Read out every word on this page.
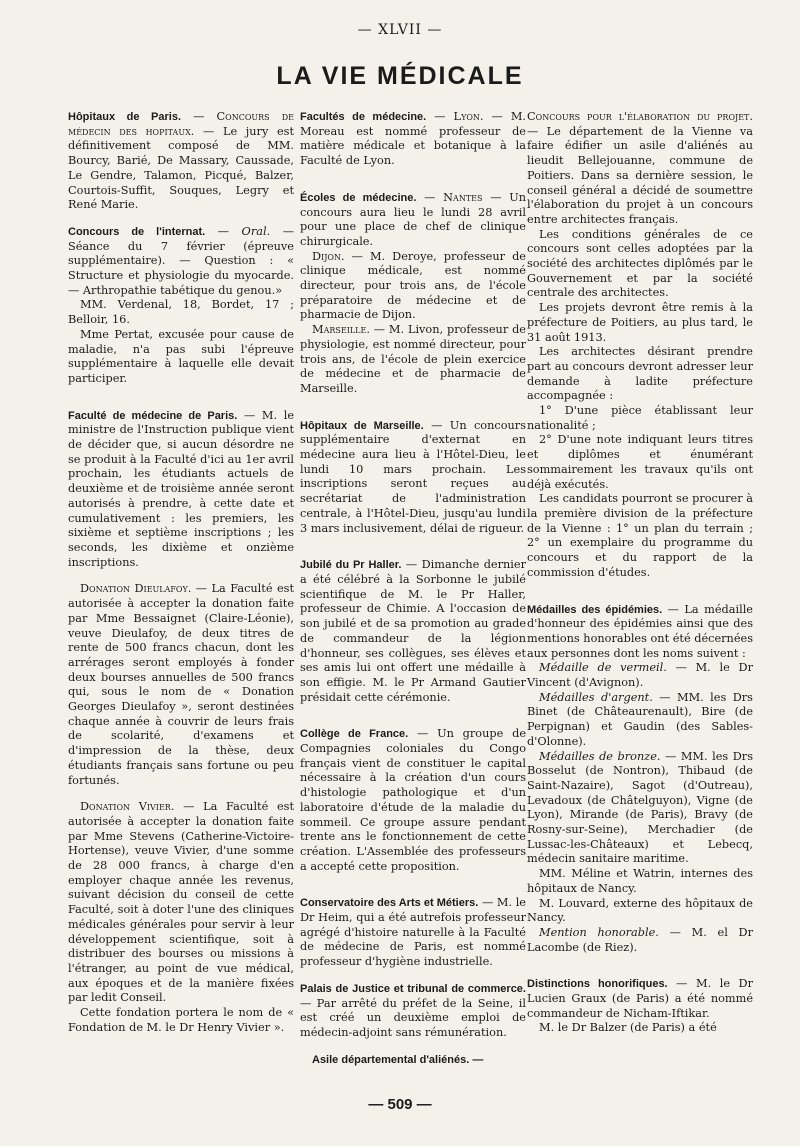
— XLVII —
LA VIE MÉDICALE

Hôpitaux de Paris. — Concours de médecin des hopitaux. — Le jury est définitivement composé de MM. Bourcy, Barié, De Massary, Caussade, Le Gendre, Talamon, Picqué, Balzer, Courtois-Suffit, Souques, Legry et René Marie.

Concours de l'internat. — Oral. — Séance du 7 février (épreuve supplémentaire). — Question : « Structure et physiologie du myocarde. — Arthropathie tabétique du genou.»

MM. Verdenal, 18, Bordet, 17 ; Belloir, 16.

Mme Pertat, excusée pour cause de maladie, n'a pas subi l'épreuve supplémentaire à laquelle elle devait participer.

Faculté de médecine de Paris. — M. le ministre de l'Instruction publique vient de décider que, si aucun désordre ne se produit à la Faculté d'ici au 1er avril prochain, les étudiants actuels de deuxième et de troisième année seront autorisés à prendre, à cette date et cumulativement : les premiers, les sixième et septième inscriptions ; les seconds, les dixième et onzième inscriptions.

Donation Dieulafoy. — La Faculté est autorisée à accepter la donation faite par Mme Bessaignet (Claire-Léonie), veuve Dieulafoy, de deux titres de rente de 500 francs chacun, dont les arrérages seront employés à fonder deux bourses annuelles de 500 francs qui, sous le nom de « Donation Georges Dieulafoy », seront destinées chaque année à couvrir de leurs frais de scolarité, d'examens et d'impression de la thèse, deux étudiants français sans fortune ou peu fortunés.

Donation Vivier. — La Faculté est autorisée à accepter la donation faite par Mme Stevens (Catherine-Victoire-Hortense), veuve Vivier, d'une somme de 28 000 francs, à charge d'en employer chaque année les revenus, suivant décision du conseil de cette Faculté, soit à doter l'une des cliniques médicales générales pour servir à leur développement scientifique, soit à distribuer des bourses ou missions à l'étranger, au point de vue médical, aux époques et de la manière fixées par ledit Conseil.

Cette fondation portera le nom de « Fondation de M. le Dr Henry Vivier ».

Facultés de médecine. — Lyon. — M. Moreau est nommé professeur de matière médicale et botanique à la Faculté de Lyon.

Écoles de médecine. — Nantes — Un concours aura lieu le lundi 28 avril pour une place de chef de clinique chirurgicale.

Dijon. — M. Deroye, professeur de clinique médicale, est nommé directeur, pour trois ans, de l'école préparatoire de médecine et de pharmacie de Dijon.

Marseille. — M. Livon, professeur de physiologie, est nommé directeur, pour trois ans, de l'école de plein exercice de médecine et de pharmacie de Marseille.

Hôpitaux de Marseille. — Un concours supplémentaire d'externat en médecine aura lieu à l'Hôtel-Dieu, le lundi 10 mars prochain. Les inscriptions seront reçues au secrétariat de l'administration centrale, à l'Hôtel-Dieu, jusqu'au lundi 3 mars inclusivement, délai de rigueur.

Jubilé du Pr Haller. — Dimanche dernier a été célébré à la Sorbonne le jubilé scientifique de M. le Pr Haller, professeur de Chimie. A l'occasion de son jubilé et de sa promotion au grade de commandeur de la légion d'honneur, ses collègues, ses élèves et ses amis lui ont offert une médaille à son effigie. M. le Pr Armand Gautier présidait cette cérémonie.

Collège de France. — Un groupe de Compagnies coloniales du Congo français vient de constituer le capital nécessaire à la création d'un cours d'histologie pathologique et d'un laboratoire d'étude de la maladie du sommeil. Ce groupe assure pendant trente ans le fonctionnement de cette création. L'Assemblée des professeurs a accepté cette proposition.

Conservatoire des Arts et Métiers. — M. le Dr Heim, qui a été autrefois professeur agrégé d'histoire naturelle à la Faculté de médecine de Paris, est nommé professeur d'hygiène industrielle.

Palais de Justice et tribunal de commerce. — Par arrêté du préfet de la Seine, il est créé un deuxième emploi de médecin-adjoint sans rémunération.

Asile départemental d'aliénés. —

Concours pour l'élaboration du projet. — Le département de la Vienne va faire édifier un asile d'aliénés au lieudit Bellejouanne, commune de Poitiers. Dans sa dernière session, le conseil général a décidé de soumettre l'élaboration du projet à un concours entre architectes français.

Les conditions générales de ce concours sont celles adoptées par la société des architectes diplômés par le Gouvernement et par la société centrale des architectes.

Les projets devront être remis à la préfecture de Poitiers, au plus tard, le 31 août 1913.

Les architectes désirant prendre part au concours devront adresser leur demande à ladite préfecture accompagnée :

1° D'une pièce établissant leur nationalité ;

2° D'une note indiquant leurs titres et diplômes et énumérant sommairement les travaux qu'ils ont déjà exécutés.

Les candidats pourront se procurer à la première division de la préfecture de la Vienne : 1° un plan du terrain ; 2° un exemplaire du programme du concours et du rapport de la commission d'études.

Médailles des épidémies. — La médaille d'honneur des épidémies ainsi que des mentions honorables ont été décernées aux personnes dont les noms suivent :

Médaille de vermeil. — M. le Dr Vincent (d'Avignon).

Médailles d'argent. — MM. les Drs Binet (de Châteaurenault), Bire (de Perpignan) et Gaudin (des Sables-d'Olonne).

Médailles de bronze. — MM. les Drs Bosselut (de Nontron), Thibaud (de Saint-Nazaire), Sagot (d'Outreau), Levadoux (de Châtelguyon), Vigne (de Lyon), Mirande (de Paris), Bravy (de Rosny-sur-Seine), Merchadier (de Lussac-les-Châteaux) et Lebecq, médecin sanitaire maritime.

MM. Méline et Watrin, internes des hôpitaux de Nancy.

M. Louvard, externe des hôpitaux de Nancy.

Mention honorable. — M. el Dr Lacombe (de Riez).

Distinctions honorifiques. — M. le Dr Lucien Graux (de Paris) a été nommé commandeur de Nicham-Iftikar.

M. le Dr Balzer (de Paris) a été

— 509 —
